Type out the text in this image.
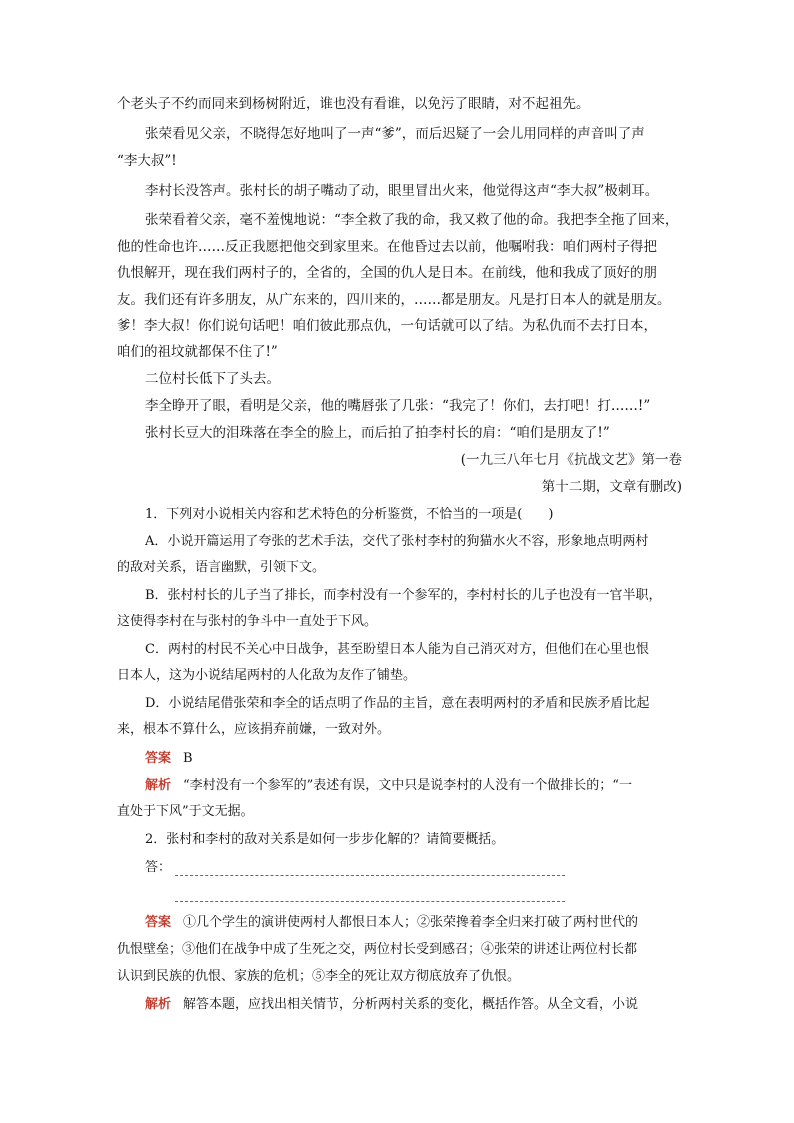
个老头子不约而同来到杨树附近，谁也没有看谁，以免污了眼睛，对不起祖先。
张荣看见父亲，不晓得怎好地叫了一声“爹”，而后迟疑了一会儿用同样的声音叫了声
“李大叔”!
李村长没答声。张村长的胡子嘴动了动，眼里冒出火来，他觉得这声“李大叔”极刺耳。
张荣看着父亲，毫不羞愧地说：“李全救了我的命，我又救了他的命。我把李全拖了回来，
他的性命也许……反正我愿把他交到家里来。在他昏过去以前，他嘱咐我：咱们两村子得把
仇恨解开，现在我们两村子的，全省的，全国的仇人是日本。在前线，他和我成了顶好的朋
友。我们还有许多朋友，从广东来的，四川来的，……都是朋友。凡是打日本人的就是朋友。
爹！李大叔！你们说句话吧！咱们彼此那点仇，一句话就可以了结。为私仇而不去打日本，
咱们的祖坟就都保不住了!”
二位村长低下了头去。
李全睁开了眼，看明是父亲，他的嘴唇张了几张：“我完了！你们，去打吧！打……!”
张村长豆大的泪珠落在李全的脸上，而后拍了拍李村长的肩：“咱们是朋友了!”
(一九三八年七月《抗战文艺》第一卷
第十二期，文章有删改)
1．下列对小说相关内容和艺术特色的分析鉴赏，不恰当的一项是(　　)
A．小说开篇运用了夸张的艺术手法，交代了张村李村的狗猫水火不容，形象地点明两村
的敌对关系，语言幽默，引领下文。
B．张村村长的儿子当了排长，而李村没有一个参军的，李村村长的儿子也没有一官半职，
这使得李村在与张村的争斗中一直处于下风。
C．两村的村民不关心中日战争，甚至盼望日本人能为自己消灭对方，但他们在心里也恨
日本人，这为小说结尾两村的人化敌为友作了铺垫。
D．小说结尾借张荣和李全的话点明了作品的主旨，意在表明两村的矛盾和民族矛盾比起
来，根本不算什么，应该捐弃前嫌，一致对外。
答案 B
解析 “李村没有一个参军的”表述有误，文中只是说李村的人没有一个做排长的；“一
直处于下风”于文无据。
2．张村和李村的敌对关系是如何一步步化解的？请简要概括。
答：
答案 ①几个学生的演讲使两村人都恨日本人；②张荣搀着李全归来打破了两村世代的
仇恨壁垒；③他们在战争中成了生死之交，两位村长受到感召；④张荣的讲述让两位村长都
认识到民族的仇恨、家族的危机；⑤李全的死让双方彻底放弃了仇恨。
解析 解答本题，应找出相关情节，分析两村关系的变化，概括作答。从全文看，小说
